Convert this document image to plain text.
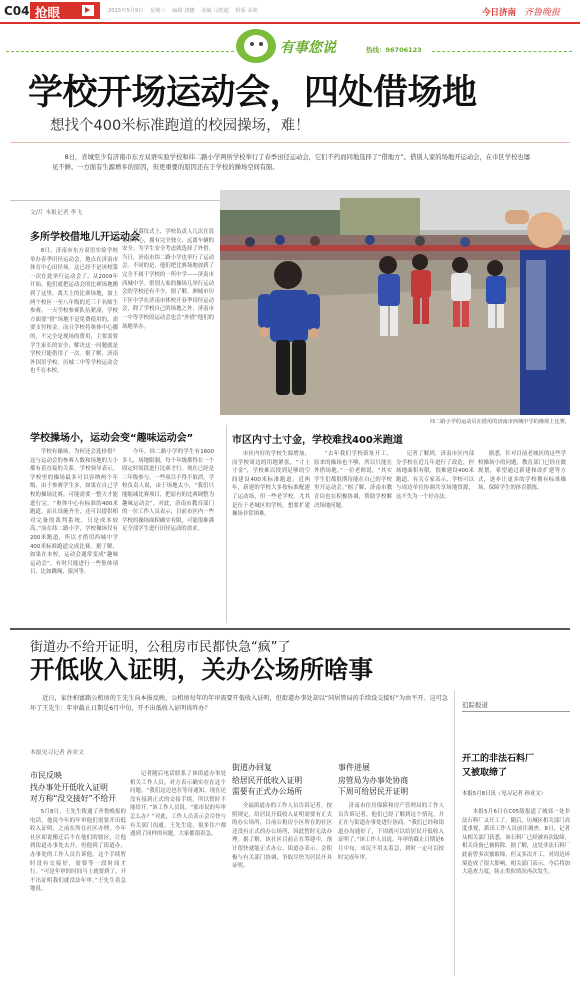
C04 抢眼	2015年5月9日 星期六 编辑 唐鹏 美编 马铁超 组版 荣莉	今日济南 齐鲁晚报
有事您说	热线：96706123
学校开场运动会，四处借场地
想找个400米标准跑道的校园操场，难！
8日，省城至少有济南市东方双语实验学校和纬二路小学两所学校举行了春季田径运动会，它们不约而同地选择了“借地方”。借别人家的场地开运动会，在市区学校也屡见不鲜。一方面有生源增多的原因，但更重要的原因还在于学校的操场空间有限。
文/片 本报记者 李飞
多所学校借地儿开运动会
8日，济南市东方双语实验学校举办春季田径运动会，地点在济南市体育中心田径场。这已经不是该校第一次在此举行运动会了。从2009年开始，他们就把运动会的比赛场地搬到了这里。离大上的比赛场地，加上两个校区一至八年级的近三千名师生参赛，一天学校参赛队伍紧凑，学校方面要“借”场地不是免费使用的，需要支付租金。而且学校将奥体中心挪的，不完全是现场的费用，主要需要学生家长的安全，解决这一问题就是学校只能借用了一次。据了解，济南外国语学校、历城二中等学校运动会也不在本校。
开幕仪式上，学校负责人几次在说奥体中心，拥有完全独立、远离车辆的安全、为学生安全考虑就选择了外借。当日，济南市纬二路小学也举行了运动会。不同的是，他们把比赛场地放到了完全不属于学校的一所中学——济南市西城中学。借别人家的操场儿举行运动会的学校还有不少。据了解，洲城市历下区中学在济南市体校开春季田径运动会，除了学校自己的场地之外，济南市一中等学校的运动会也会“外借”他们的场地举办。
学校操场小，运动会变“趣味运动会”
学校有操场，为何还会选择借？这与运动会的参赛人数和场地的大小都有着直接的关系。学校领导表示，学校里的操场最多可以容纳两个年级，由于参赛学生多，如果在自己学校的操场比赛，可能需要一整天才能进行完。“奥体中心有标准的400米跑道，而且设施齐全，还可以提供相对完备的裁判系统，只是成本较高。”而在纬二路小学，学校操场仅有200米跑道，所以才借用西城中学400米标准跑道完成比赛。据了解，如果在本校，运动会通常变成“趣味运动会”，有时只能进行一些集体项目，比如跳绳、拔河等。
今年，纬二路小学的学生有1600多人，场地限制，每个年级都得在一个固定时间段进行比赛才行。现在已经是二年级参与，一些项目不得不取消。学校负责人说，由于场地太小，“我们只能缩减比赛项目，把原有的比赛调整为趣味运动会”。对此，济南市教育部门的一位工作人员表示，目前市区内一些学校的操场面积确实有限，可能很难满足全部学生进行田径运动的需求。
纬二路小学的运动员在借用的济南市西城中学的操场上比赛。
市区内寸土寸金，学校难找400米跑道
市区内好的学校生源增加，而学校周边的用地紧张，“寸土寸金”，学校难以找到足够的空间建设400米标准跑道。近两年，新建的学校大多按标准配建了运动场，但一些老学校，尤其是位于老城区的学校，想要扩建操场非常困难。
“去年我们学校新址开工，原来的操场也不够，所以只能在外借场地。”一位老师说，“其实学生们都很期待能在自己的学校里开运动会。”据了解，济南市教育局也在积极协调，帮助学校解决场地问题。
记者了解到，济南市区内部分学校在近几年进行了改造，但场地面积有限，很难建设400米跑道。有关专家表示，学校可以与周边单位协调共享场地资源，这不失为一个好办法。
据悉，针对目前老城区的这些学校操场小的问题，教育部门已经在做规划，希望通过新建和改扩建等方式，逐步让更多的学校拥有标准操场，保障学生的体育锻炼。
街道办不给开证明，公租房市民都快急“疯”了
开低收入证明，关办公场所啥事
近日，家住柏富路公租房的王先生向本报反映，公租房每年的年审需要开低收入证明，但街道办事处却以“同居管局的手续没交接好”为由不开。这可急坏了王先生：年审截止日期是6月中旬，开不出低收入证明该咋办？
本报见习记者 孙业文
市民反映
找办事处开低收入证明
对方称“没交接好”不给开
5月8日，王先生拨通了齐鲁晚报的电话，他说今年的年审他们需要开出低收入证明，之前在所在社区办理，今年社区却说搬迁后不在他们的辖区，让他到街道办事处去开。但他到了街道办，办事处的工作人员告诉他，这个手续暂时没有交接好，需要等一段时间才行。“可是年审的时间马上就要到了，开不出证明我们就没法年审。”王先生着急地说。
记者随后电话联系了该街道办事处相关工作人员，对方表示确实存在这个问题。“我们这边也在等待通知，现在还没有接到正式的交接手续，所以暂时不能给开。”该工作人员说。“那市民的年审怎么办？”对此，工作人员表示会尽快与有关部门沟通。王先生说，很多住户都遇到了同样的问题，大家都很着急。
街道办回复
给居民开低收入证明
需要有正式办公场所
全福街道办的工作人员告诉记者，按照规定，给居民开低收入证明需要有正式的办公场所，目前公租房小区所在的社区还没有正式的办公场所，因此暂时无法办理。据了解，该社区目前正在筹建中，预计很快就能正式办公。街道办表示，会积极与有关部门协调，争取尽快为居民开具证明。
事件进展
房管局为办事处协商
下周可给居民开证明
济南市住房保障和房产管理局的工作人员告诉记者，他们已经了解到这个情况，并正在与街道办事处进行协商。“我们已经和街道办沟通好了，下周就可以给居民开低收入证明了。”该工作人员说，年审的截止日期是6月中旬，市民不用太着急，到时一定可以按时完成年审。
追踪报道
开工的非法石料厂
又被取缔了
本报5月8日讯（见习记者 孙业文）
本报5月6日在C05版报道了城郊一处非法石料厂又开工了。随后，历城区相关部门高度重视，派出工作人员前往调查。8日，记者从相关部门获悉，该石料厂已经被再次取缔，相关设备已被拆除。据了解，这处非法石料厂此前曾多次被取缔，但又多次开工，对周边环境造成了很大影响。相关部门表示，今后将加大巡查力度，防止类似情况再次发生。
